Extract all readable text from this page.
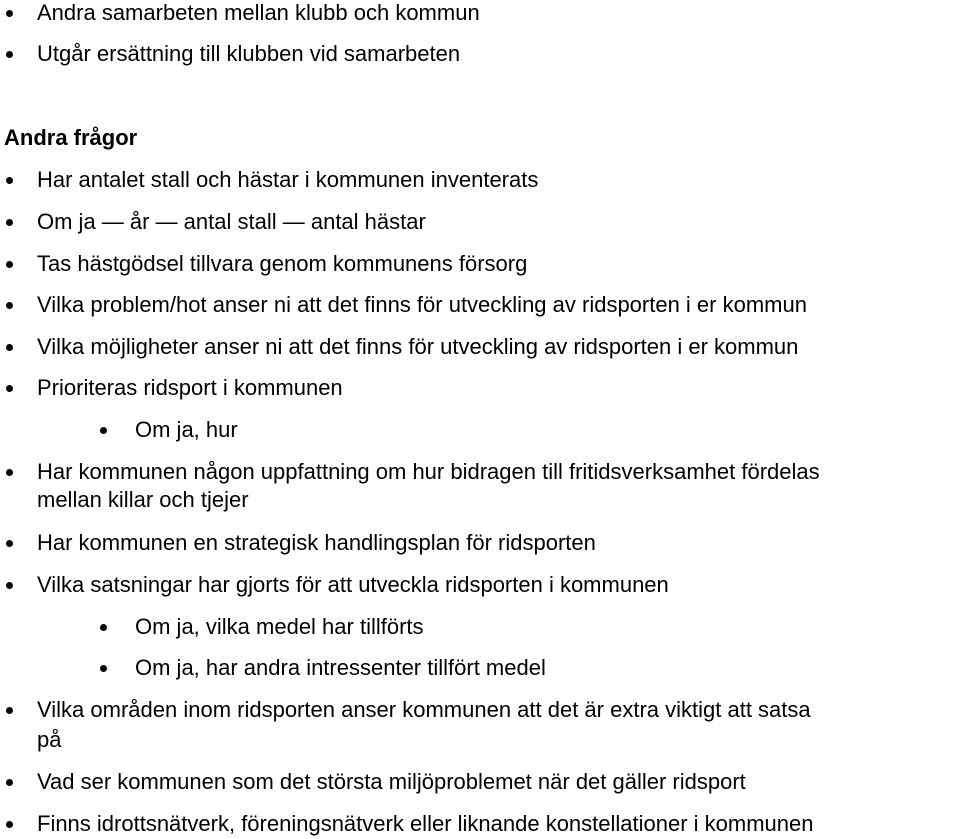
Andra samarbeten mellan klubb och kommun
Utgår ersättning till klubben vid samarbeten
Andra frågor
Har antalet stall och hästar i kommunen inventerats
Om ja — år — antal stall — antal hästar
Tas hästgödsel tillvara genom kommunens försorg
Vilka problem/hot anser ni att det finns för utveckling av ridsporten i er kommun
Vilka möjligheter anser ni att det finns för utveckling av ridsporten i er kommun
Prioriteras ridsport i kommunen
Om ja, hur
Har kommunen någon uppfattning om hur bidragen till fritidsverksamhet fördelas
mellan killar och tjejer
Har kommunen en strategisk handlingsplan för ridsporten
Vilka satsningar har gjorts för att utveckla ridsporten i kommunen
Om ja, vilka medel har tillförts
Om ja, har andra intressenter tillfört medel
Vilka områden inom ridsporten anser kommunen att det är extra viktigt att satsa
på
Vad ser kommunen som det största miljöproblemet när det gäller ridsport
Finns idrottsnätverk, föreningsnätverk eller liknande konstellationer i kommunen
